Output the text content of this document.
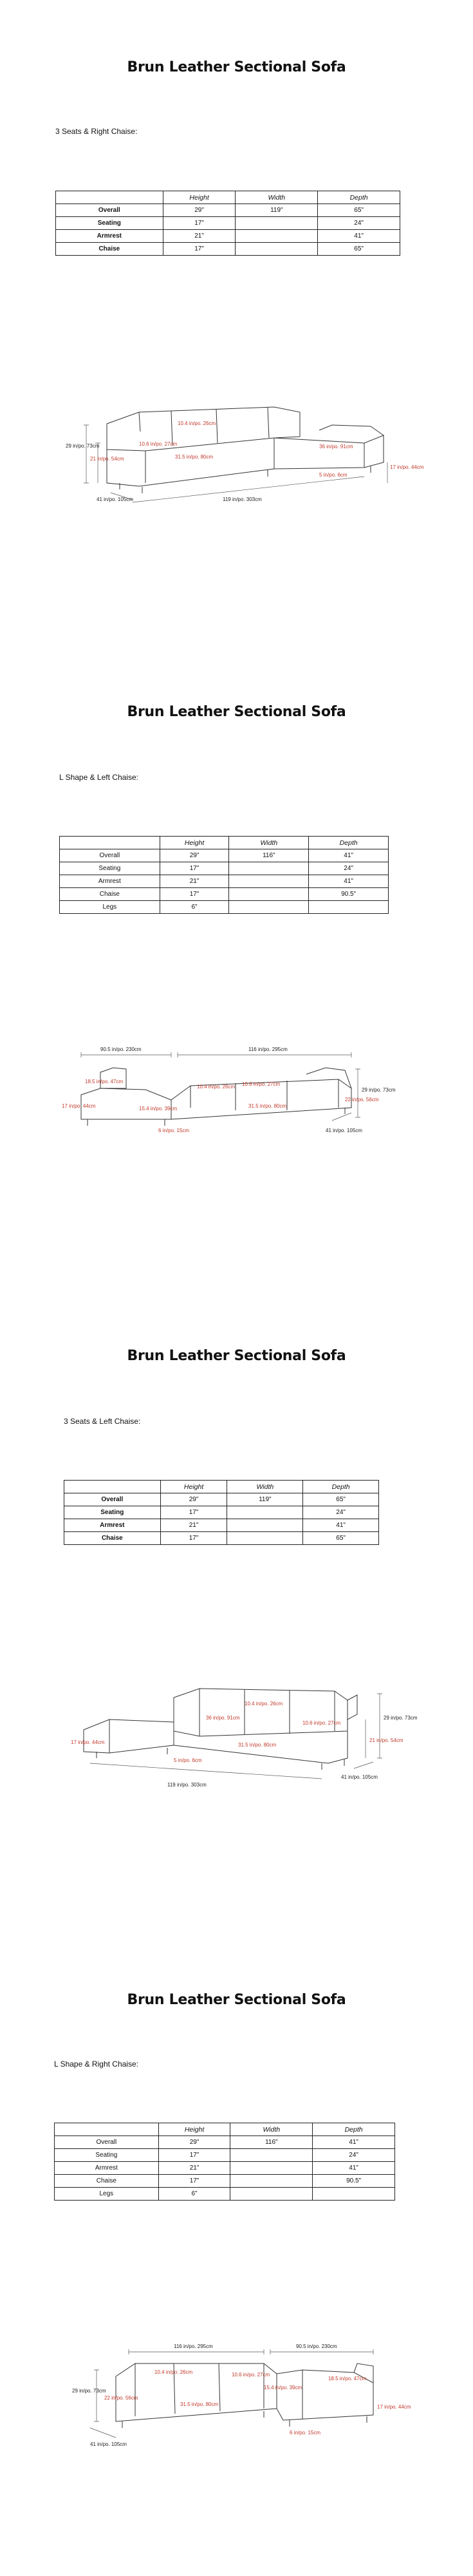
Brun Leather Sectional Sofa
3 Seats & Right Chaise:
	Height	Width	Depth
Overall	29"	119"	65"
Seating	17"		24"
Armrest	21"		41"
Chaise	17"		65"
29 in/po. 73cm
21 in/po. 54cm
10.4 in/po. 26cm
31.5 in/po. 80cm
10.6 in/po. 27cm	36 in/po. 91cm
17 in/po. 44cm
5 in/po. 6cm
41 in/po. 105cm	119 in/po. 303cm
Brun Leather Sectional Sofa
L Shape & Left Chaise:
	Height	Width	Depth
Overall	29"	116"	41"
Seating	17"		24"
Armrest	21"		41"
Chaise	17"		90.5"
Legs	6"		
90.5 in/po. 230cm	116 in/po. 295cm
29 in/po. 73cm
17 in/po. 44cm
18.5 in/po. 47cm
10.4 in/po. 26cm 10.6 in/po. 27cm
31.5 in/po. 80cm
22 in/po. 56cm
41 in/po. 105cm
6 in/po. 15cm
15.4 in/po. 39cm
Brun Leather Sectional Sofa
3 Seats & Left Chaise:
	Height	Width	Depth
Overall	29"	119"	65"
Seating	17"		24"
Armrest	21"		41"
Chaise	17"		65"
17 in/po. 44cm
10.4 in/po. 26cm
31.5 in/po. 80cm
10.6 in/po. 27cm
36 in/po. 91cm	29 in/po. 73cm
21 in/po. 54cm
5 in/po. 6cm
119 in/po. 303cm
41 in/po. 105cm
Brun Leather Sectional Sofa
L Shape & Right Chaise:
	Height	Width	Depth
Overall	29"	116"	41"
Seating	17"		24"
Armrest	21"		41"
Chaise	17"		90.5"
Legs	6"		
116 in/po. 295cm	90.5 in/po. 230cm
29 in/po. 73cm
17 in/po. 44cm
18.5 in/po. 47cm
10.4 in/po. 26cm	10.6 in/po. 27cm
31.5 in/po. 80cm
22 in/po. 56cm
41 in/po. 105cm
6 in/po. 15cm
15.4 in/po. 39cm
